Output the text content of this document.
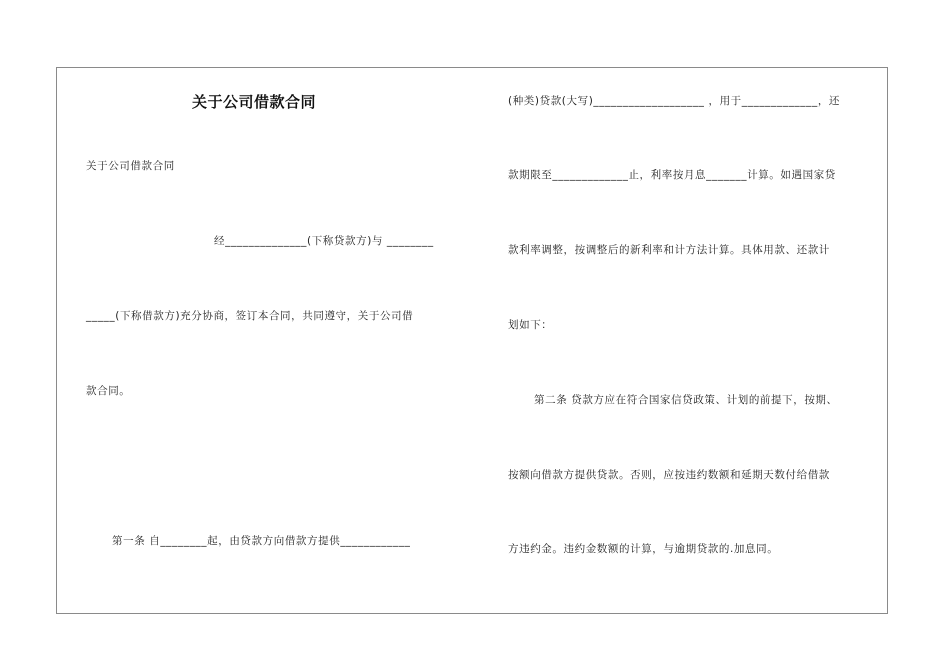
关于公司借款合同
关于公司借款合同
经______________(下称贷款方)与 ________
_____(下称借款方)充分协商，签订本合同，共同遵守，关于公司借
款合同。
第一条 自________起，由贷款方向借款方提供____________
(种类)贷款(大写)___________________ ，用于_____________，还
款期限至_____________止，利率按月息_______计算。如遇国家贷
款利率调整，按调整后的新利率和计方法计算。具体用款、还款计
划如下：
第二条 贷款方应在符合国家信贷政策、计划的前提下，按期、
按额向借款方提供贷款。否则，应按违约数额和延期天数付给借款
方违约金。违约金数额的计算，与逾期贷款的.加息同。
